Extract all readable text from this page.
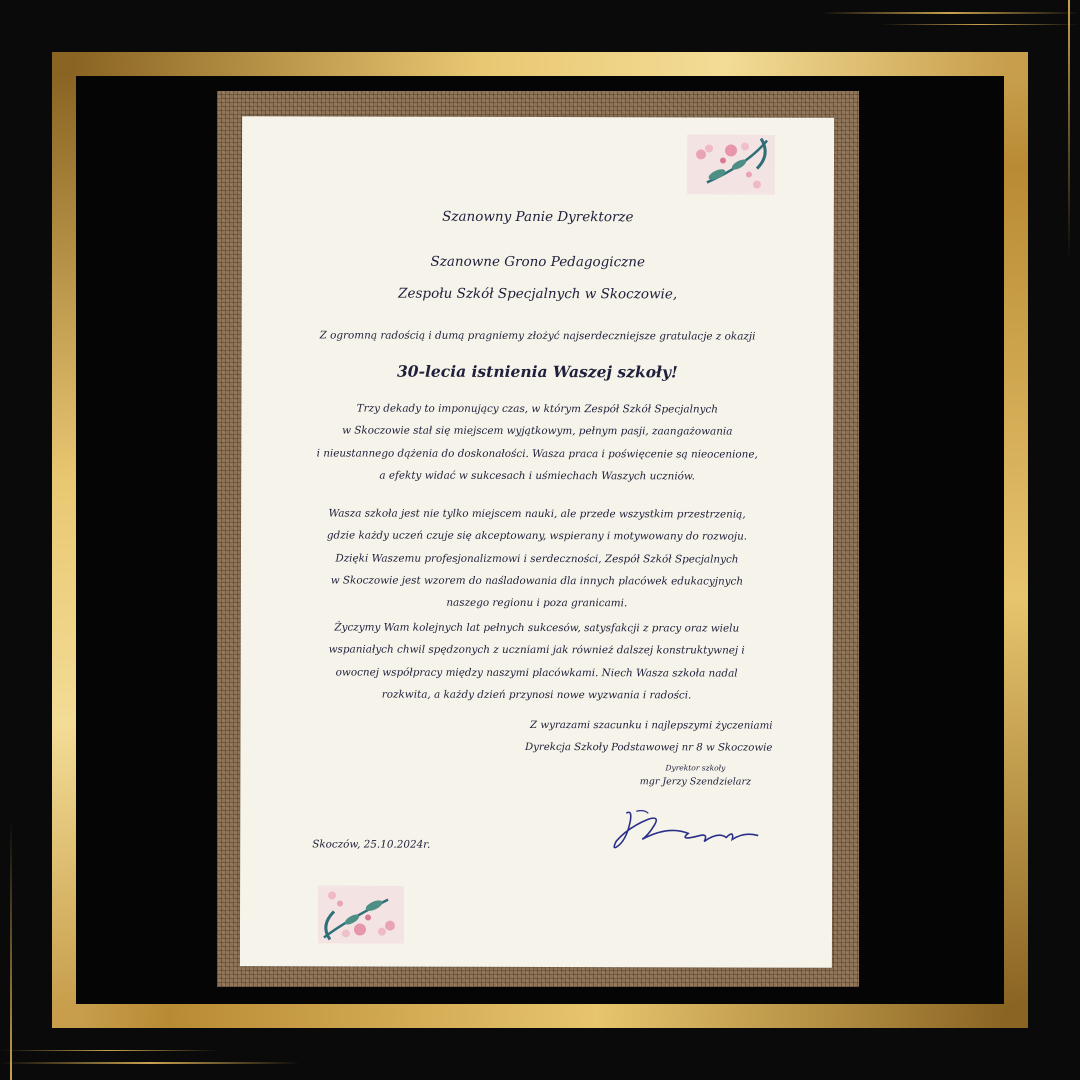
Szanowny Panie Dyrektorze
Szanowne Grono Pedagogiczne
Zespołu Szkół Specjalnych w Skoczowie,
Z ogromną radością i dumą pragniemy złożyć najserdeczniejsze gratulacje z okazji
30-lecia istnienia Waszej szkoły!
Trzy dekady to imponujący czas, w którym Zespół Szkół Specjalnych
w Skoczowie stał się miejscem wyjątkowym, pełnym pasji, zaangażowania
i nieustannego dążenia do doskonałości. Wasza praca i poświęcenie są nieocenione,
a efekty widać w sukcesach i uśmiechach Waszych uczniów.
Wasza szkoła jest nie tylko miejscem nauki, ale przede wszystkim przestrzenią,
gdzie każdy uczeń czuje się akceptowany, wspierany i motywowany do rozwoju.
Dzięki Waszemu profesjonalizmowi i serdeczności, Zespół Szkół Specjalnych
w Skoczowie jest wzorem do naśladowania dla innych placówek edukacyjnych
naszego regionu i poza granicami.
Życzymy Wam kolejnych lat pełnych sukcesów, satysfakcji z pracy oraz wielu
wspaniałych chwil spędzonych z uczniami jak również dalszej konstruktywnej i
owocnej współpracy między naszymi placówkami. Niech Wasza szkoła nadal
rozkwita, a każdy dzień przynosi nowe wyzwania i radości.
Z wyrazami szacunku i najlepszymi życzeniami
Dyrekcja Szkoły Podstawowej nr 8 w Skoczowie
Dyrektor szkoły
mgr Jerzy Szendzielarz
Skoczów, 25.10.2024r.
